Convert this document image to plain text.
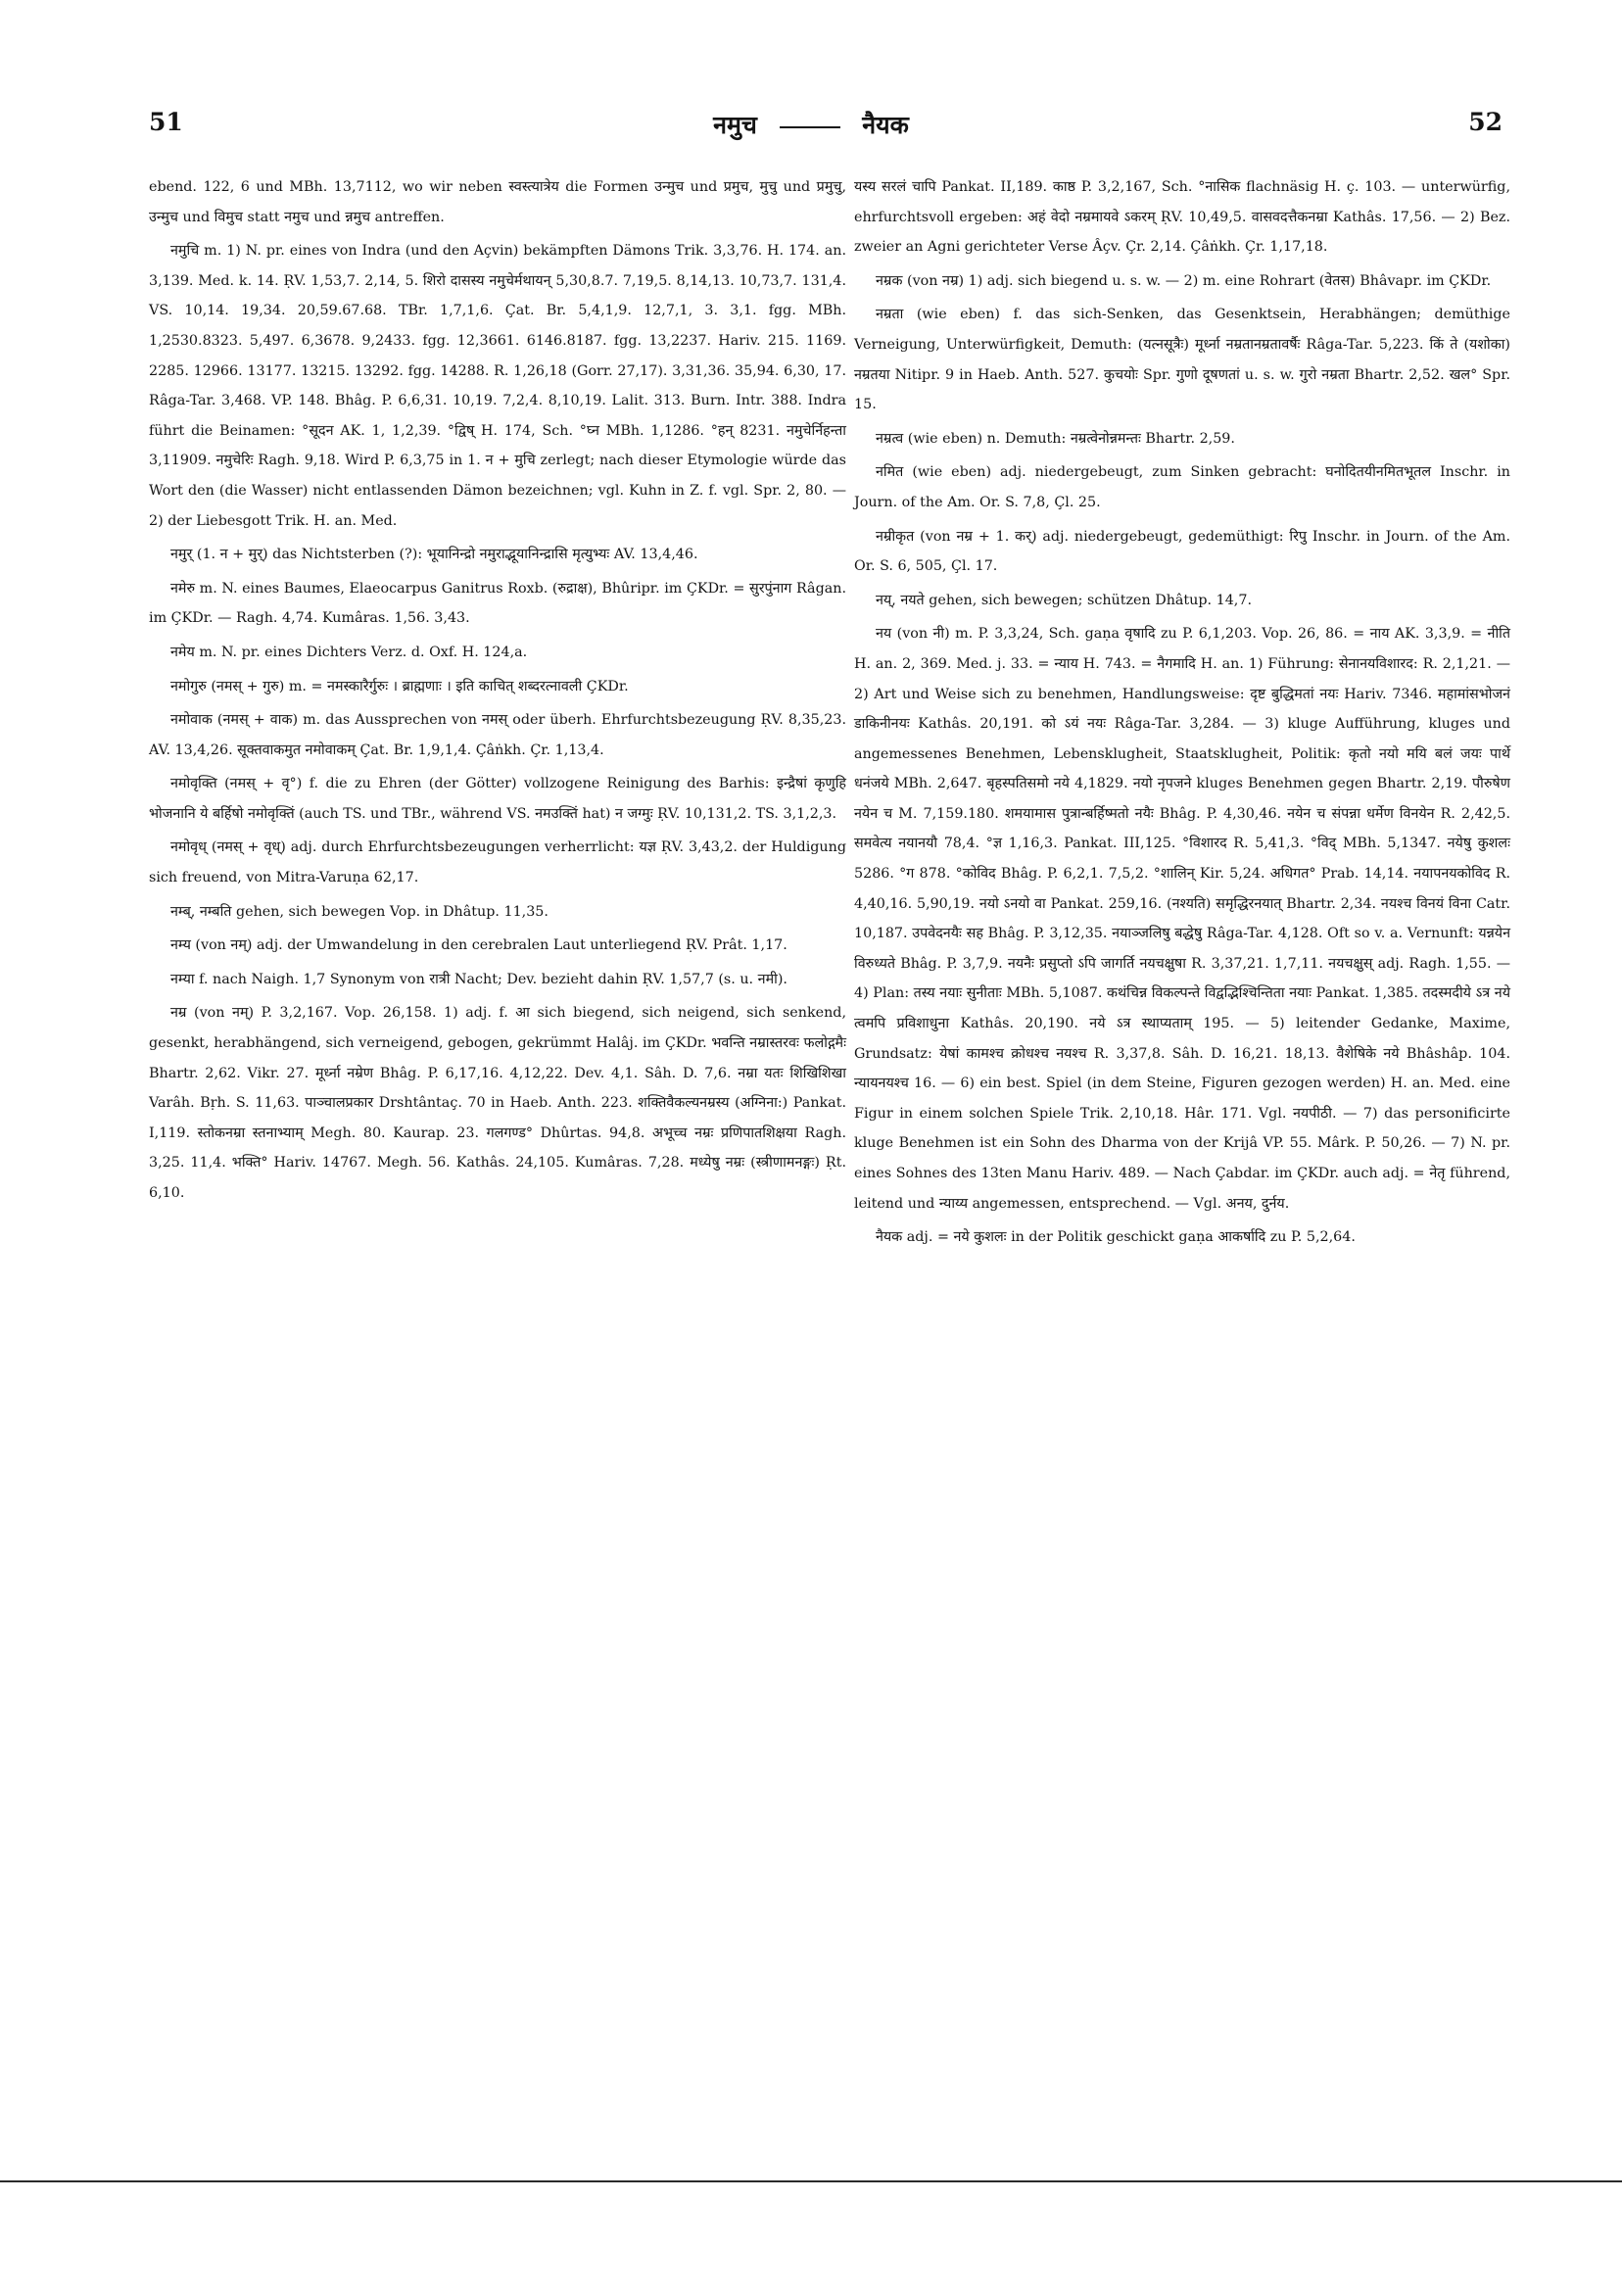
51	नमुच	नैयक	52

ebend. 122, 6 und MBh. 13,7112, wo wir neben स्वस्त्यात्रेय die Formen उन्मुच und प्रमुच, मुचु und प्रमुचु, उन्मुच und विमुच statt नमुच und न्नमुच antreffen.

नमुचि m. 1) N. pr. eines von Indra (und den Açvin) bekämpften Dämons Trik. 3,3,76. H. 174. an. 3,139. Med. k. 14. ṚV. 1,53,7. 2,14, 5. शिरो दासस्य नमुचेर्मथायन् 5,30,8.7. 7,19,5. 8,14,13. 10,73,7. 131,4. VS. 10,14. 19,34. 20,59.67.68. TBr. 1,7,1,6. Çat. Br. 5,4,1,9. 12,7,1, 3. 3,1. fgg. MBh. 1,2530.8323. 5,497. 6,3678. 9,2433. fgg. 12,3661. 6146.8187. fgg. 13,2237. Hariv. 215. 1169. 2285. 12966. 13177. 13215. 13292. fgg. 14288. R. 1,26,18 (Gorr. 27,17). 3,31,36. 35,94. 6,30, 17. Râga-Tar. 3,468. VP. 148. Bhâg. P. 6,6,31. 10,19. 7,2,4. 8,10,19. Lalit. 313. Burn. Intr. 388. Indra führt die Beinamen: °सूदन AK. 1, 1,2,39. °द्विष् H. 174, Sch. °घ्न MBh. 1,1286. °हन् 8231. नमुचेर्निहन्ता 3,11909. नमुचेरिः Ragh. 9,18. Wird P. 6,3,75 in 1. न + मुचि zerlegt; nach dieser Etymologie würde das Wort den (die Wasser) nicht entlassenden Dämon bezeichnen; vgl. Kuhn in Z. f. vgl. Spr. 2, 80. — 2) der Liebesgott Trik. H. an. Med.

नमुर् (1. न + मुर्) das Nichtsterben (?): भूयानिन्द्रो नमुराद्भूयानिन्द्रासि मृत्युभ्यः AV. 13,4,46.

नमेरु m. N. eines Baumes, Elaeocarpus Ganitrus Roxb. (रुद्राक्ष), Bhûripr. im ÇKDr. = सुरपुंनाग Râgan. im ÇKDr. — Ragh. 4,74. Kumâras. 1,56. 3,43.

नमेय m. N. pr. eines Dichters Verz. d. Oxf. H. 124,a.

नमोगुरु (नमस् + गुरु) m. = नमस्कारैर्गुरुः । ब्राह्मणाः । इति काचित् शब्दरत्नावली ÇKDr.

नमोवाक (नमस् + वाक) m. das Aussprechen von नमस् oder überh. Ehrfurchtsbezeugung ṚV. 8,35,23. AV. 13,4,26. सूक्तवाकमुत नमोवाकम् Çat. Br. 1,9,1,4. Çâṅkh. Çr. 1,13,4.

नमोवृक्ति (नमस् + वृ°) f. die zu Ehren (der Götter) vollzogene Reinigung des Barhis: इन्द्रैषां कृणुहि भोजनानि ये बर्हिषो नमोवृक्तिं (auch TS. und TBr., während VS. नमउक्तिं hat) न जग्मुः ṚV. 10,131,2. TS. 3,1,2,3.

नमोवृध् (नमस् + वृध्) adj. durch Ehrfurchtsbezeugungen verherrlicht: यज्ञ ṚV. 3,43,2. der Huldigung sich freuend, von Mitra-Varuṇa 62,17.

नम्ब्, नम्बति gehen, sich bewegen Vop. in Dhâtup. 11,35.

नम्य (von नम्) adj. der Umwandelung in den cerebralen Laut unterliegend ṚV. Prât. 1,17.

नम्या f. nach Naigh. 1,7 Synonym von रात्री Nacht; Dev. bezieht dahin ṚV. 1,57,7 (s. u. नमी).

नम्र (von नम्) P. 3,2,167. Vop. 26,158. 1) adj. f. आ sich biegend, sich neigend, sich senkend, gesenkt, herabhängend, sich verneigend, gebogen, gekrümmt Halâj. im ÇKDr. भवन्ति नम्रास्तरवः फलोद्गमैः Bhartr. 2,62. Vikr. 27. मूर्ध्ना नम्रेण Bhâg. P. 6,17,16. 4,12,22. Dev. 4,1. Sâh. D. 7,6. नम्रा यतः शिखिशिखा Varâh. Bṛh. S. 11,63. पाञ्चालप्रकार Drshtântaç. 70 in Haeb. Anth. 223. शक्तिवैकल्यनम्रस्य (अग्निना:) Pankat. I,119. स्तोकनम्रा स्तनाभ्याम् Megh. 80. Kaurap. 23. गलगण्ड° Dhûrtas. 94,8. अभूच्च नम्रः प्रणिपातशिक्षया Ragh. 3,25. 11,4. भक्ति° Hariv. 14767. Megh. 56. Kathâs. 24,105. Kumâras. 7,28. मध्येषु नम्रः (स्त्रीणामनङ्गः) Ṛt. 6,10.

यस्य सरलं चापि Pankat. II,189. काष्ठ P. 3,2,167, Sch. °नासिक flachnäsig H. ç. 103. — unterwürfig, ehrfurchtsvoll ergeben: अहं वेदो नम्रमायवे ऽकरम् ṚV. 10,49,5. वासवदत्तैकनम्रा Kathâs. 17,56. — 2) Bez. zweier an Agni gerichteter Verse Âçv. Çr. 2,14. Çâṅkh. Çr. 1,17,18.

नम्रक (von नम्र) 1) adj. sich biegend u. s. w. — 2) m. eine Rohrart (वेतस) Bhâvapr. im ÇKDr.

नम्रता (wie eben) f. das sich-Senken, das Gesenktsein, Herabhängen; demüthige Verneigung, Unterwürfigkeit, Demuth: (यत्नसूत्रैः) मूर्ध्ना नम्रतानम्रतावर्षैः Râga-Tar. 5,223. किं ते (यशोका) नम्रतया Nitipr. 9 in Haeb. Anth. 527. कुचयोः Spr. गुणो दूषणतां u. s. w. गुरो नम्रता Bhartr. 2,52. खल° Spr. 15.

नम्रत्व (wie eben) n. Demuth: नम्रत्वेनोन्नमन्तः Bhartr. 2,59.

नमित (wie eben) adj. niedergebeugt, zum Sinken gebracht: घनोदितयीनमितभूतल Inschr. in Journ. of the Am. Or. S. 7,8, Çl. 25.

नम्रीकृत (von नम्र + 1. कर्) adj. niedergebeugt, gedemüthigt: रिपु Inschr. in Journ. of the Am. Or. S. 6, 505, Çl. 17.

नय्, नयते gehen, sich bewegen; schützen Dhâtup. 14,7.

नय (von नी) m. P. 3,3,24, Sch. gaṇa वृषादि zu P. 6,1,203. Vop. 26, 86. = नाय AK. 3,3,9. = नीति H. an. 2, 369. Med. j. 33. = न्याय H. 743. = नैगमादि H. an. 1) Führung: सेनानयविशारद: R. 2,1,21. — 2) Art und Weise sich zu benehmen, Handlungsweise: दृष्ट बुद्धिमतां नयः Hariv. 7346. महामांसभोजनं डाकिनीनयः Kathâs. 20,191. को ऽयं नयः Râga-Tar. 3,284. — 3) kluge Aufführung, kluges und angemessenes Benehmen, Lebensklugheit, Staatsklugheit, Politik: कृतो नयो मयि बलं जयः पार्थे धनंजये MBh. 2,647. बृहस्पतिसमो नये 4,1829. नयो नृपजने kluges Benehmen gegen Bhartr. 2,19. पौरुषेण नयेन च M. 7,159.180. शमयामास पुत्रान्बर्हिष्मतो नयैः Bhâg. P. 4,30,46. नयेन च संपन्ना धर्मेण विनयेन R. 2,42,5. समवेत्य नयानयौ 78,4. °ज्ञ 1,16,3. Pankat. III,125. °विशारद R. 5,41,3. °विद् MBh. 5,1347. नयेषु कुशलः 5286. °ग 878. °कोविद Bhâg. P. 6,2,1. 7,5,2. °शालिन् Kir. 5,24. अधिगत° Prab. 14,14. नयापनयकोविद R. 4,40,16. 5,90,19. नयो ऽनयो वा Pankat. 259,16. (नश्यति) समृद्धिरनयात् Bhartr. 2,34. नयश्च विनयं विना Catr. 10,187. उपवेदनयैः सह Bhâg. P. 3,12,35. नयाञ्जलिषु बद्धेषु Râga-Tar. 4,128. Oft so v. a. Vernunft: यन्नयेन विरुध्यते Bhâg. P. 3,7,9. नयनैः प्रसुप्तो ऽपि जागर्ति नयचक्षुषा R. 3,37,21. 1,7,11. नयचक्षुस् adj. Ragh. 1,55. — 4) Plan: तस्य नयाः सुनीताः MBh. 5,1087. कथंचिन्न विकल्पन्ते विद्वद्भिश्चिन्तिता नयाः Pankat. 1,385. तदस्मदीये ऽत्र नये त्वमपि प्रविशाधुना Kathâs. 20,190. नये ऽत्र स्थाप्यताम् 195. — 5) leitender Gedanke, Maxime, Grundsatz: येषां कामश्च क्रोधश्च नयश्च R. 3,37,8. Sâh. D. 16,21. 18,13. वैशेषिके नये Bhâshâp. 104. न्यायनयश्च 16. — 6) ein best. Spiel (in dem Steine, Figuren gezogen werden) H. an. Med. eine Figur in einem solchen Spiele Trik. 2,10,18. Hâr. 171. Vgl. नयपीठी. — 7) das personificirte kluge Benehmen ist ein Sohn des Dharma von der Krijâ VP. 55. Mârk. P. 50,26. — 7) N. pr. eines Sohnes des 13ten Manu Hariv. 489. — Nach Çabdar. im ÇKDr. auch adj. = नेतृ führend, leitend und न्याय्य angemessen, entsprechend. — Vgl. अनय, दुर्नय.

नैयक adj. = नये कुशलः in der Politik geschickt gaṇa आकर्षादि zu P. 5,2,64.
